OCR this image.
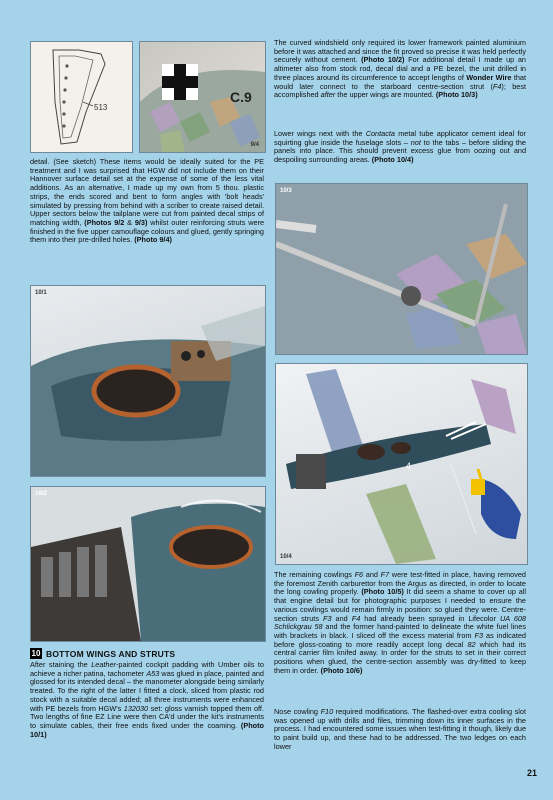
513
C.9
9/4

The curved windshield only required its lower framework painted aluminium before it was attached and since the fit proved so precise it was held perfectly securely without cement. (Photo 10/2) For additional detail I made up an altimeter also from stock rod, decal dial and a PE bezel, the unit drilled in three places around its circumference to accept lengths of Wonder Wire that would later connect to the starboard centre-section strut (F4); best accomplished after the upper wings are mounted. (Photo 10/3)

Lower wings next with the Contacta metal tube applicator cement ideal for squirting glue inside the fuselage slots – not to the tabs – before sliding the panels into place. This should prevent excess glue from oozing out and despoiling surrounding areas. (Photo 10/4)

detail. (See sketch) These items would be ideally suited for the PE treatment and I was surprised that HGW did not include them on their Hannover surface detail set at the expense of some of the less vital additions. As an alternative, I made up my own from 5 thou. plastic strips, the ends scored and bent to form angles with 'bolt heads' simulated by pressing from behind with a scriber to create raised detail. Upper sectors below the tailplane were cut from painted decal strips of matching width, (Photos 9/2 & 9/3) whilst outer reinforcing struts were finished in the five upper camouflage colours and glued, gently springing them into their pre-drilled holes. (Photo 9/4)

10/1
10/2
10 BOTTOM WINGS AND STRUTS

After staining the Leather-painted cockpit padding with Umber oils to achieve a richer patina, tachometer A53 was glued in place, painted and glossed for its intended decal – the manometer alongside being similarly treated. To the right of the latter I fitted a clock, sliced from plastic rod stock with a suitable decal added; all three instruments were enhanced with PE bezels from HGW's 132030 set: gloss varnish topped them off. Two lengths of fine EZ Line were then CA'd under the kit's instruments to simulate cables, their free ends fixed under the coaming. (Photo 10/1)

10/3
4
10/4

The remaining cowlings F6 and F7 were test-fitted in place, having removed the foremost Zenith carburettor from the Argus as directed, in order to locate the long cowling properly. (Photo 10/5) It did seem a shame to cover up all that engine detail but for photographic purposes I needed to ensure the various cowlings would remain firmly in position: so glued they were. Centre-section struts F3 and F4 had already been sprayed in Lifecolor UA 608 Schlickgrau 58 and the former hand-painted to delineate the white fuel lines with brackets in black. I sliced off the excess material from F3 as indicated before gloss-coating to more readily accept long decal 82 which had its central carrier film knifed away. In order for the struts to set in their correct positions when glued, the centre-section assembly was dry-fitted to keep them in order. (Photo 10/6)

Nose cowling F10 required modifications. The flashed-over extra cooling slot was opened up with drills and files, trimming down its inner surfaces in the process. I had encountered some issues when test-fitting it though, likely due to paint build up, and these had to be addressed. The two ledges on each lower

21
